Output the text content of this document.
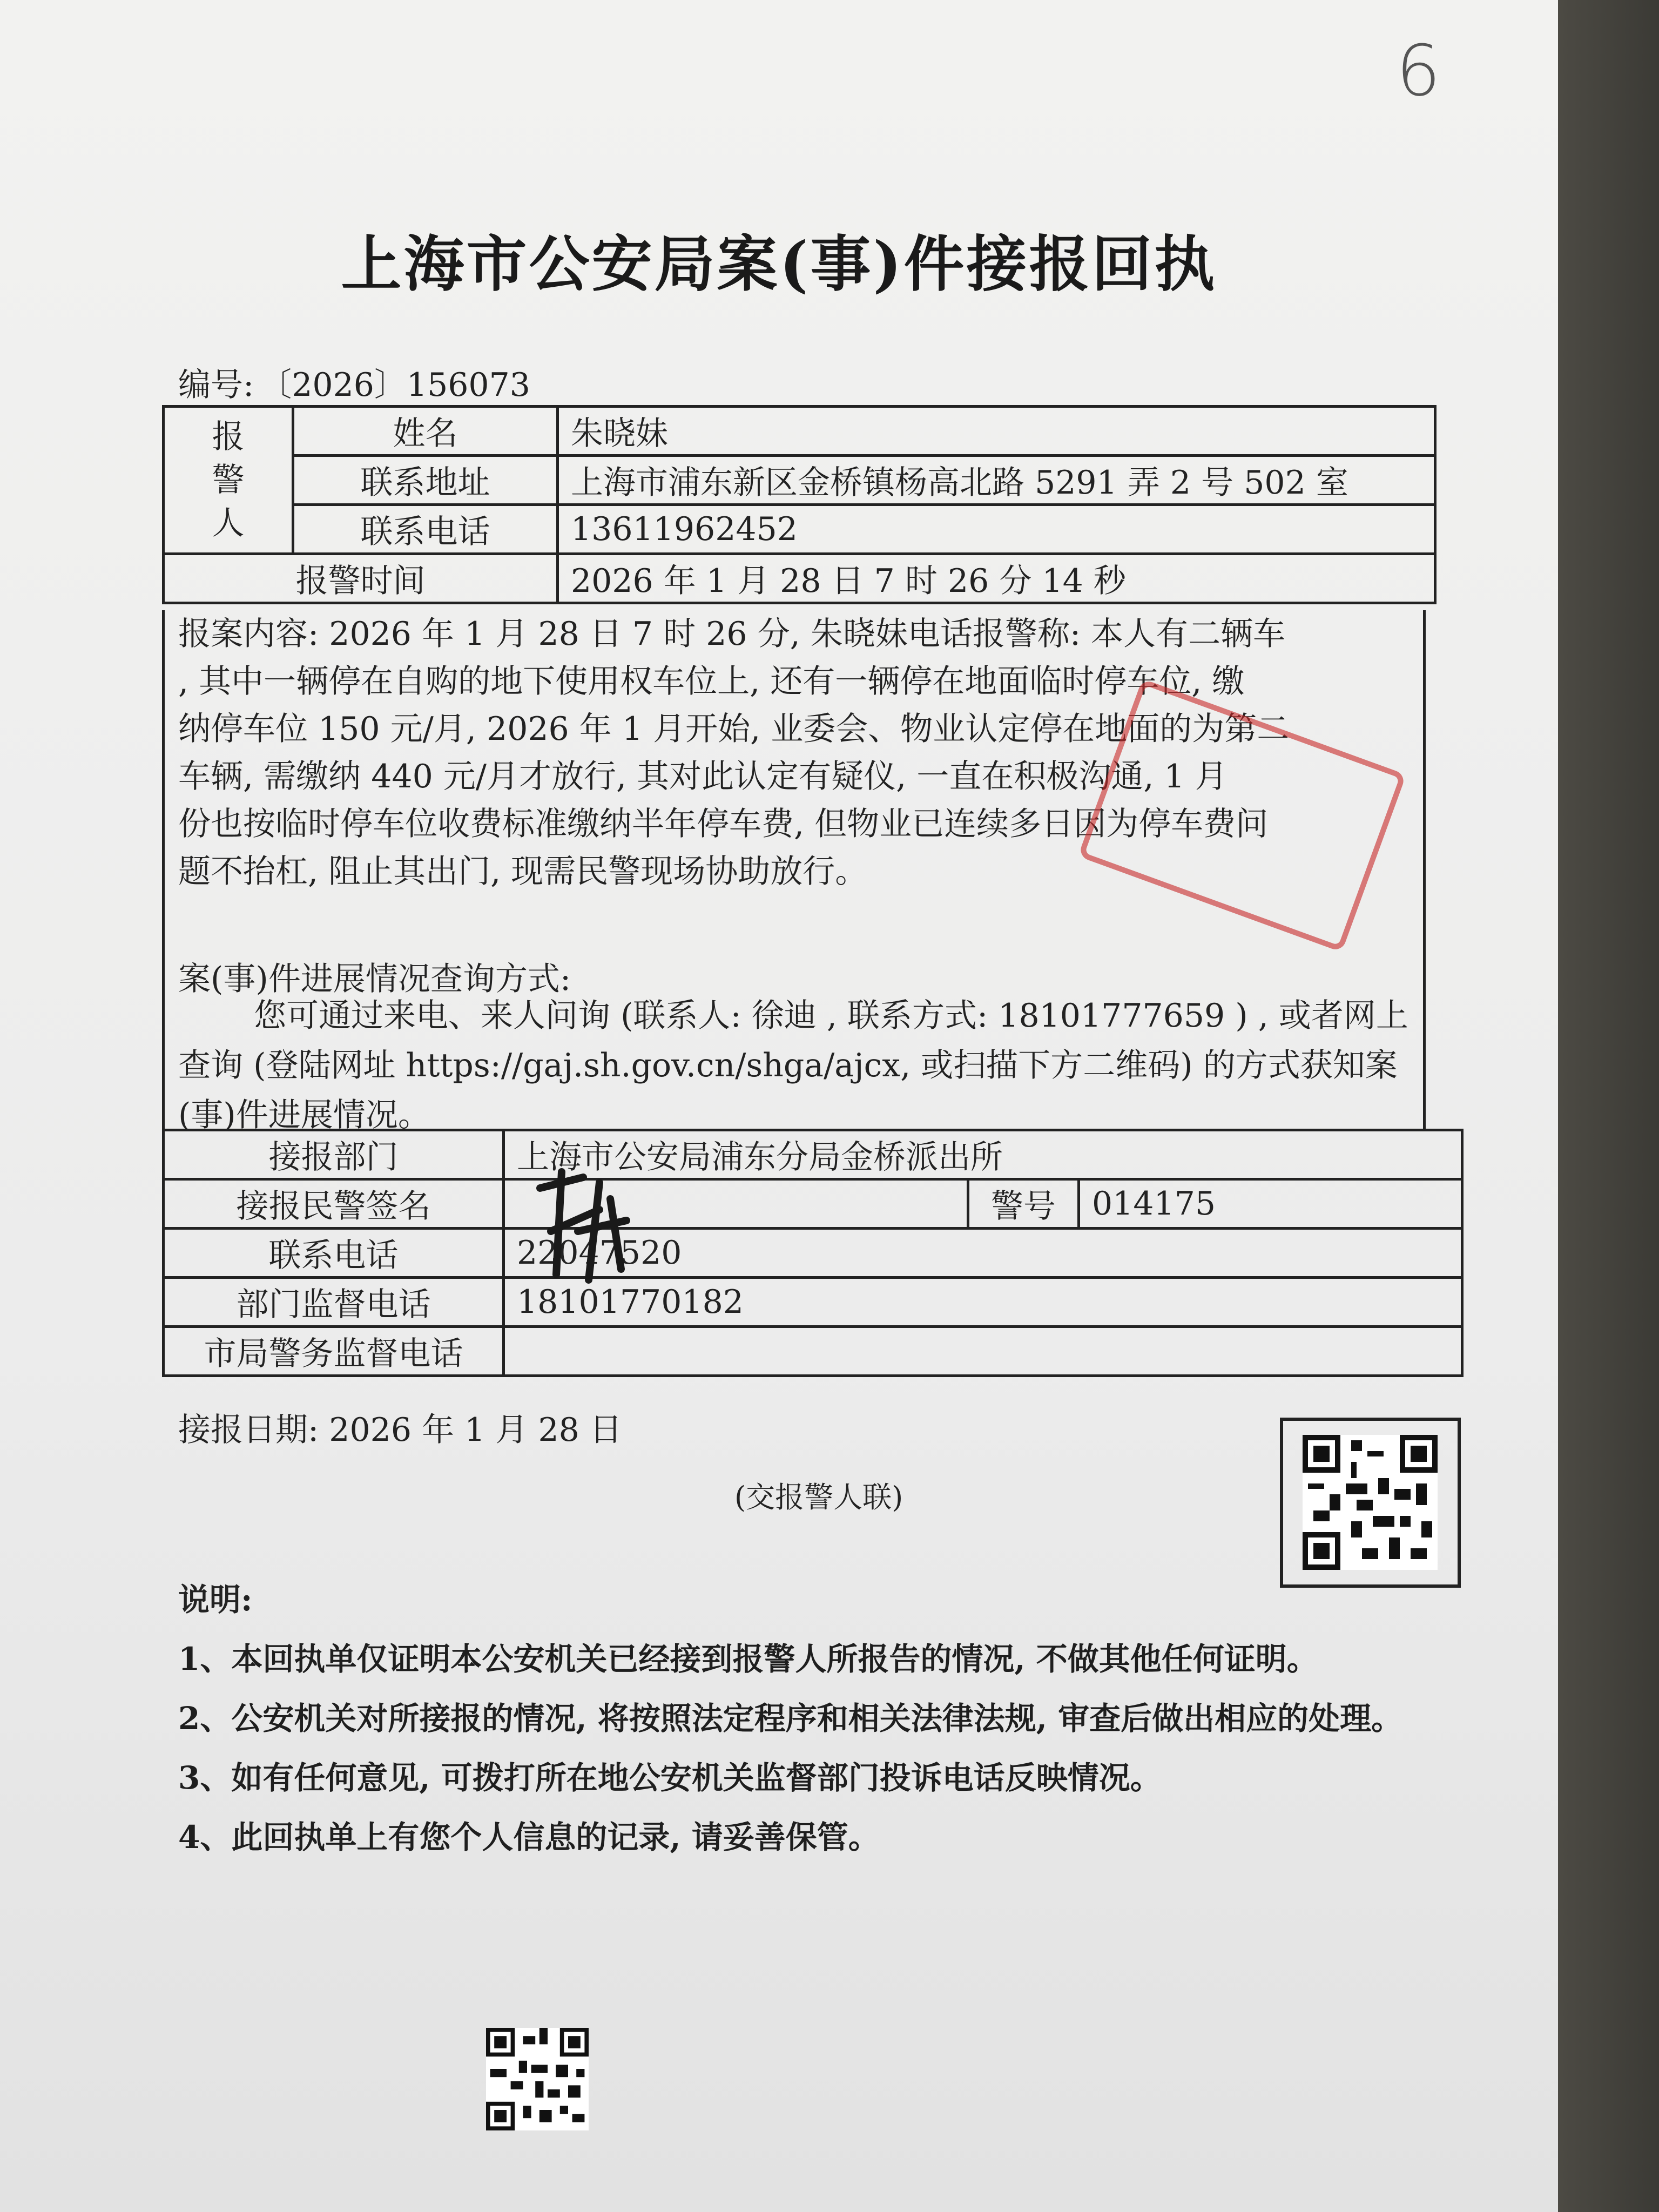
6
上海市公安局案(事)件接报回执
编号: 〔2026〕156073
报警人	姓名	朱晓妹
	联系地址	上海市浦东新区金桥镇杨高北路 5291 弄 2 号 502 室
	联系电话	13611962452
报警时间		2026 年 1 月 28 日 7 时 26 分 14 秒
报案内容: 2026 年 1 月 28 日 7 时 26 分, 朱晓妹电话报警称: 本人有二辆车
, 其中一辆停在自购的地下使用权车位上, 还有一辆停在地面临时停车位, 缴
纳停车位 150 元/月, 2026 年 1 月开始, 业委会、物业认定停在地面的为第二
车辆, 需缴纳 440 元/月才放行, 其对此认定有疑仪, 一直在积极沟通, 1 月
份也按临时停车位收费标准缴纳半年停车费, 但物业已连续多日因为停车费问
题不抬杠, 阻止其出门, 现需民警现场协助放行。
案(事)件进展情况查询方式:
您可通过来电、来人问询 (联系人: 徐迪 , 联系方式: 18101777659 ) , 或者网上查询 (登陆网址 https://gaj.sh.gov.cn/shga/ajcx, 或扫描下方二维码) 的方式获知案(事)件进展情况。
接报部门	上海市公安局浦东分局金桥派出所		
接报民警签名		警号	014175
联系电话	22047520		
部门监督电话	18101770182		
市局警务监督电话			
接报日期: 2026 年 1 月 28 日
(交报警人联)
说明:
1、本回执单仅证明本公安机关已经接到报警人所报告的情况, 不做其他任何证明。
2、公安机关对所接报的情况, 将按照法定程序和相关法律法规, 审查后做出相应的处理。
3、如有任何意见, 可拨打所在地公安机关监督部门投诉电话反映情况。
4、此回执单上有您个人信息的记录, 请妥善保管。
